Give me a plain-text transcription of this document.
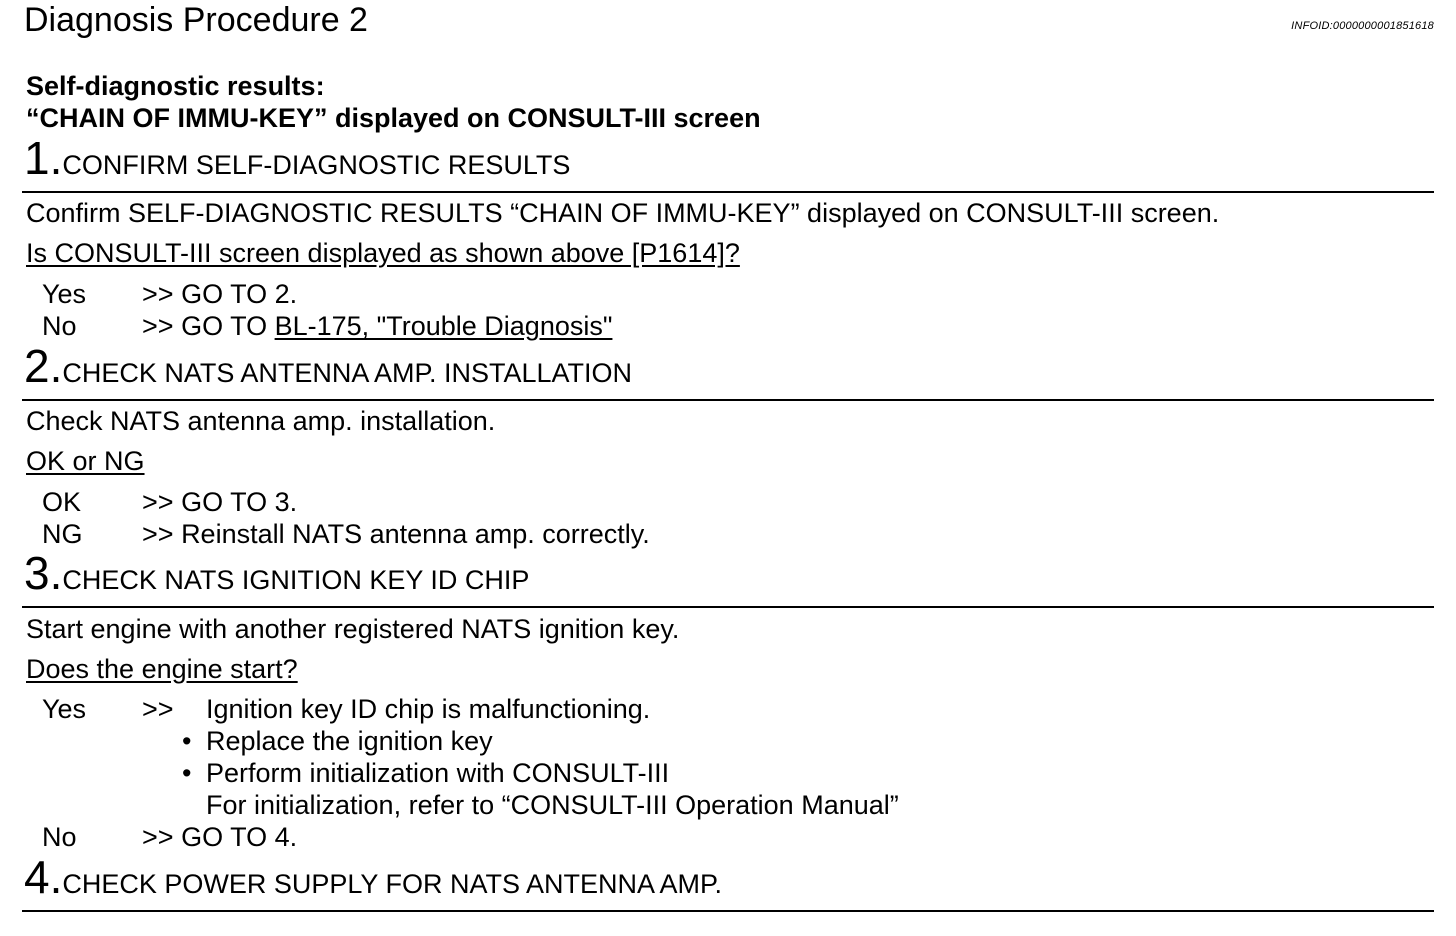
Diagnosis Procedure 2	INFOID:0000000001851618
Self-diagnostic results:
“CHAIN OF IMMU-KEY” displayed on CONSULT-III screen
1.CONFIRM SELF-DIAGNOSTIC RESULTS
Confirm SELF-DIAGNOSTIC RESULTS “CHAIN OF IMMU-KEY” displayed on CONSULT-III screen.
Is CONSULT-III screen displayed as shown above [P1614]?
Yes >> GO TO 2.
No >> GO TO BL-175, "Trouble Diagnosis"
2.CHECK NATS ANTENNA AMP. INSTALLATION
Check NATS antenna amp. installation.
OK or NG
OK >> GO TO 3.
NG >> Reinstall NATS antenna amp. correctly.
3.CHECK NATS IGNITION KEY ID CHIP
Start engine with another registered NATS ignition key.
Does the engine start?
Yes >> Ignition key ID chip is malfunctioning.
• Replace the ignition key
• Perform initialization with CONSULT-III
For initialization, refer to “CONSULT-III Operation Manual”
No >> GO TO 4.
4.CHECK POWER SUPPLY FOR NATS ANTENNA AMP.
